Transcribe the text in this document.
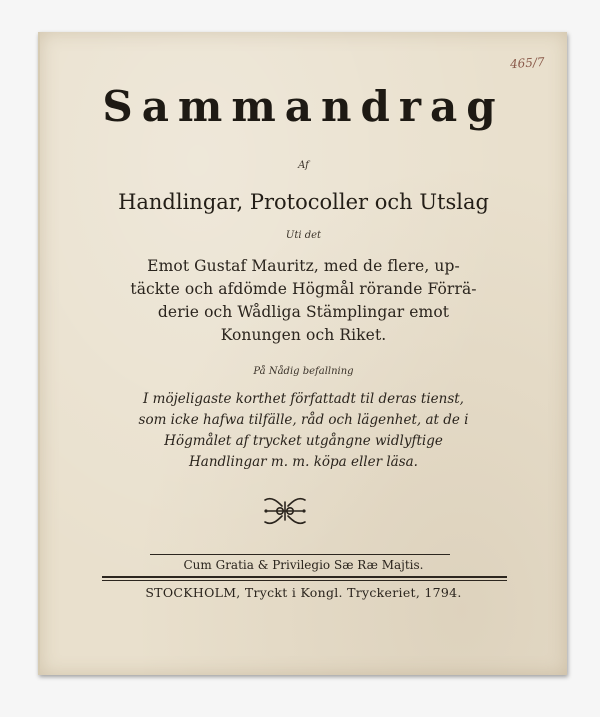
465/7
Sammandrag
Af
Handlingar, Protocoller och Utslag
Uti det
Emot Gustaf Mauritz, med de flere, up-
täckte och afdömde Högmål rörande Förrä-
derie och Wådliga Stämplingar emot
Konungen och Riket.
På Nådig befallning
I möjeligaste korthet författadt til deras tienst,
som icke hafwa tilfälle, råd och lägenhet, at de i
Högmålet af trycket utgångne widlyftige
Handlingar m. m. köpa eller läsa.
Cum Gratia & Privilegio Sæ Ræ Majtis.
STOCKHOLM, Tryckt i Kongl. Tryckeriet, 1794.
